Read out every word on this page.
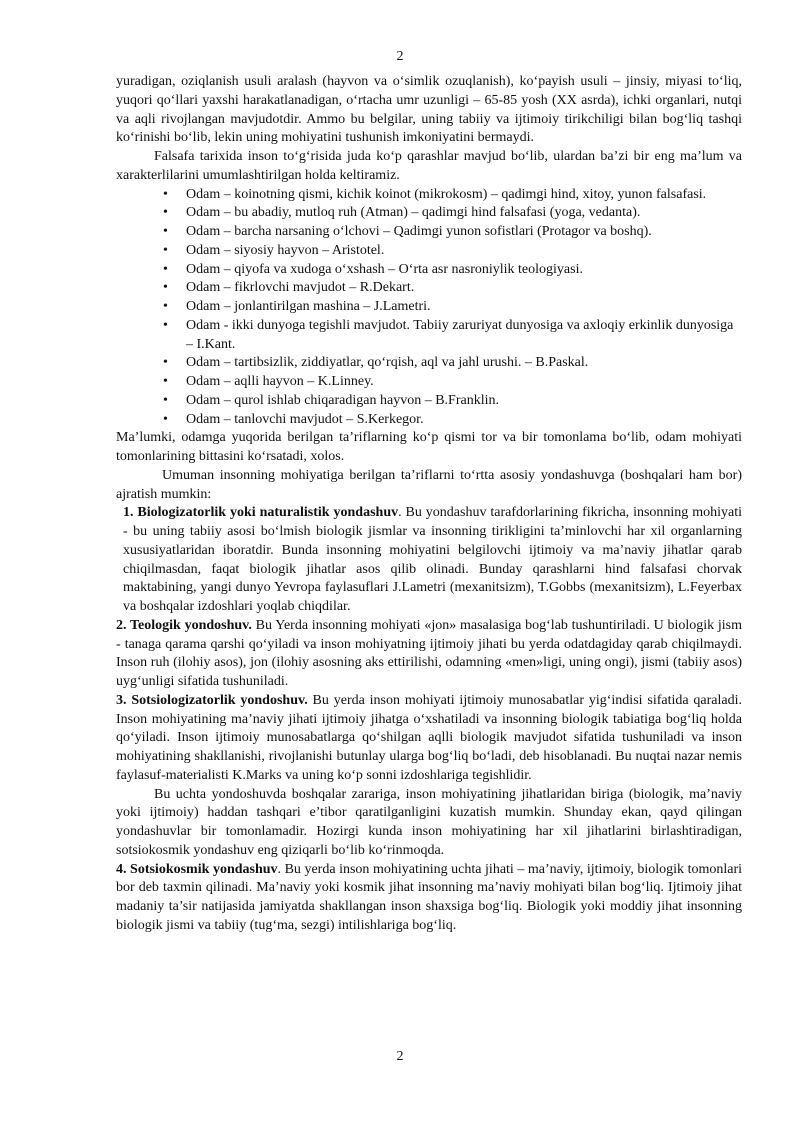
2

yuradigan, oziqlanish usuli aralash (hayvon va o‘simlik ozuqlanish), ko‘payish usuli – jinsiy, miyasi to‘liq, yuqori qo‘llari yaxshi harakatlanadigan, o‘rtacha umr uzunligi – 65-85 yosh (XX asrda), ichki organlari, nutqi va aqli rivojlangan mavjudotdir. Ammo bu belgilar, uning tabiiy va ijtimoiy tirikchiligi bilan bog‘liq tashqi ko‘rinishi bo‘lib, lekin uning mohiyatini tushunish imkoniyatini bermaydi.

Falsafa tarixida inson to‘g‘risida juda ko‘p qarashlar mavjud bo‘lib, ulardan ba’zi bir eng ma’lum va xarakterlilarini umumlashtirilgan holda keltiramiz.

• Odam – koinotning qismi, kichik koinot (mikrokosm) – qadimgi hind, xitoy, yunon falsafasi.
• Odam – bu abadiy, mutloq ruh (Atman) – qadimgi hind falsafasi (yoga, vedanta).
• Odam – barcha narsaning o‘lchovi – Qadimgi yunon sofistlari (Protagor va boshq).
• Odam – siyosiy hayvon – Aristotel.
• Odam – qiyofa va xudoga o‘xshash – O‘rta asr nasroniylik teologiyasi.
• Odam – fikrlovchi mavjudot – R.Dekart.
• Odam – jonlantirilgan mashina – J.Lametri.
• Odam - ikki dunyoga tegishli mavjudot. Tabiiy zaruriyat dunyosiga va axloqiy erkinlik dunyosiga – I.Kant.
• Odam – tartibsizlik, ziddiyatlar, qo‘rqish, aql va jahl urushi. – B.Paskal.
• Odam – aqlli hayvon – K.Linney.
• Odam – qurol ishlab chiqaradigan hayvon – B.Franklin.
• Odam – tanlovchi mavjudot – S.Kerkegor.

Ma’lumki, odamga yuqorida berilgan ta’riflarning ko‘p qismi tor va bir tomonlama bo‘lib, odam mohiyati tomonlarining bittasini ko‘rsatadi, xolos.

Umuman insonning mohiyatiga berilgan ta’riflarni to‘rtta asosiy yondashuvga (boshqalari ham bor) ajratish mumkin:

1. Biologizatorlik yoki naturalistik yondashuv. Bu yondashuv tarafdorlarining fikricha, insonning mohiyati - bu uning tabiiy asosi bo‘lmish biologik jismlar va insonning tirikligini ta’minlovchi har xil organlarning xususiyatlaridan iboratdir. Bunda insonning mohiyatini belgilovchi ijtimoiy va ma’naviy jihatlar qarab chiqilmasdan, faqat biologik jihatlar asos qilib olinadi. Bunday qarashlarni hind falsafasi chorvak maktabining, yangi dunyo Yevropa faylasuflari J.Lametri (mexanitsizm), T.Gobbs (mexanitsizm), L.Feyerbax va boshqalar izdoshlari yoqlab chiqdilar.

2. Teologik yondoshuv. Bu Yerda insonning mohiyati «jon» masalasiga bog‘lab tushuntiriladi. U biologik jism - tanaga qarama qarshi qo‘yiladi va inson mohiyatning ijtimoiy jihati bu yerda odatdagiday qarab chiqilmaydi. Inson ruh (ilohiy asos), jon (ilohiy asosning aks ettirilishi, odamning «men»ligi, uning ongi), jismi (tabiiy asos) uyg‘unligi sifatida tushuniladi.

3. Sotsiologizatorlik yondoshuv. Bu yerda inson mohiyati ijtimoiy munosabatlar yig‘indisi sifatida qaraladi. Inson mohiyatining ma’naviy jihati ijtimoiy jihatga o‘xshatiladi va insonning biologik tabiatiga bog‘liq holda qo‘yiladi. Inson ijtimoiy munosabatlarga qo‘shilgan aqlli biologik mavjudot sifatida tushuniladi va inson mohiyatining shakllanishi, rivojlanishi butunlay ularga bog‘liq bo‘ladi, deb hisoblanadi. Bu nuqtai nazar nemis faylasuf-materialisti K.Marks va uning ko‘p sonni izdoshlariga tegishlidir.

Bu uchta yondoshuvda boshqalar zarariga, inson mohiyatining jihatlaridan biriga (biologik, ma’naviy yoki ijtimoiy) haddan tashqari e’tibor qaratilganligini kuzatish mumkin. Shunday ekan, qayd qilingan yondashuvlar bir tomonlamadir. Hozirgi kunda inson mohiyatining har xil jihatlarini birlashtiradigan, sotsiokosmik yondashuv eng qiziqarli bo‘lib ko‘rinmoqda.

4. Sotsiokosmik yondashuv. Bu yerda inson mohiyatining uchta jihati – ma’naviy, ijtimoiy, biologik tomonlari bor deb taxmin qilinadi. Ma’naviy yoki kosmik jihat insonning ma’naviy mohiyati bilan bog‘liq. Ijtimoiy jihat madaniy ta’sir natijasida jamiyatda shakllangan inson shaxsiga bog‘liq. Biologik yoki moddiy jihat insonning biologik jismi va tabiiy (tug‘ma, sezgi) intilishlariga bog‘liq.

2
